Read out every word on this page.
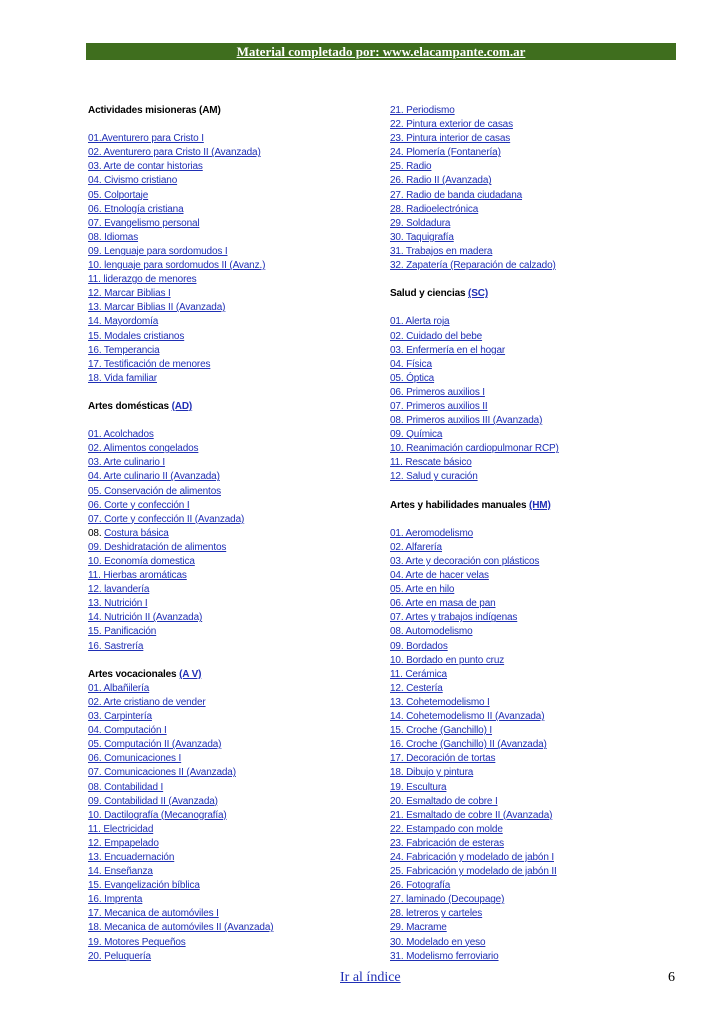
Material completado por: www.elacampante.com.ar
Actividades misioneras (AM)
01.Aventurero para Cristo I
02. Aventurero para Cristo II (Avanzada)
03. Arte de contar historias
04. Civismo cristiano
05. Colportaje
06. Etnología cristiana
07. Evangelismo personal
08. Idiomas
09. Lenguaje para sordomudos I
10. lenguaje para sordomudos II (Avanz.)
11. liderazgo de menores
12. Marcar Biblias I
13. Marcar Biblias II (Avanzada)
14. Mayordomía
15. Modales cristianos
16. Temperancia
17. Testificación de menores
18. Vida familiar
Artes domésticas (AD)
01. Acolchados
02. Alimentos congelados
03. Arte culinario I
04. Arte culinario II (Avanzada)
05. Conservación de alimentos
06. Corte y confección I
07. Corte y confección II (Avanzada)
08. Costura básica
09. Deshidratación de alimentos
10. Economía domestica
11. Hierbas aromáticas
12. lavandería
13. Nutrición I
14. Nutrición II (Avanzada)
15. Panificación
16. Sastrería
Artes vocacionales (A V)
01. Albañilería
02. Arte cristiano de vender
03. Carpintería
04. Computación I
05. Computación II (Avanzada)
06. Comunicaciones I
07. Comunicaciones II (Avanzada)
08. Contabilidad I
09. Contabilidad II (Avanzada)
10. Dactilografía (Mecanografía)
11. Electricidad
12. Empapelado
13. Encuadernación
14. Enseñanza
15. Evangelización bíblica
16. Imprenta
17. Mecanica de automóviles I
18. Mecanica de automóviles II (Avanzada)
19. Motores Pequeños
20. Peluquería
21. Periodismo
22. Pintura exterior de casas
23. Pintura interior de casas
24. Plomería (Fontanería)
25. Radio
26. Radio II (Avanzada)
27. Radio de banda ciudadana
28. Radioelectrónica
29. Soldadura
30. Taquigrafía
31. Trabajos en madera
32. Zapatería (Reparación de calzado)
Salud y ciencias (SC)
01. Alerta roja
02. Cuidado del bebe
03. Enfermería en el hogar
04. Física
05. Óptica
06. Primeros auxilios I
07. Primeros auxilios II
08. Primeros auxilios III (Avanzada)
09. Química
10. Reanimación cardiopulmonar RCP)
11. Rescate básico
12. Salud y curación
Artes y habilidades manuales (HM)
01. Aeromodelismo
02. Alfarería
03. Arte y decoración con plásticos
04. Arte de hacer velas
05. Arte en hilo
06. Arte en masa de pan
07. Artes y trabajos indígenas
08. Automodelismo
09. Bordados
10. Bordado en punto cruz
11. Cerámica
12. Cestería
13. Cohetemodelismo I
14. Cohetemodelismo II (Avanzada)
15. Croche (Ganchillo) I
16. Croche (Ganchillo) II (Avanzada)
17. Decoración de tortas
18. Dibujo y pintura
19. Escultura
20. Esmaltado de cobre I
21. Esmaltado de cobre II (Avanzada)
22. Estampado con molde
23. Fabricación de esteras
24. Fabricación y modelado de jabón I
25. Fabricación y modelado de jabón II
26. Fotografía
27. laminado (Decoupage)
28. letreros y carteles
29. Macrame
30. Modelado en yeso
31. Modelismo ferroviario
Ir al índice	6
